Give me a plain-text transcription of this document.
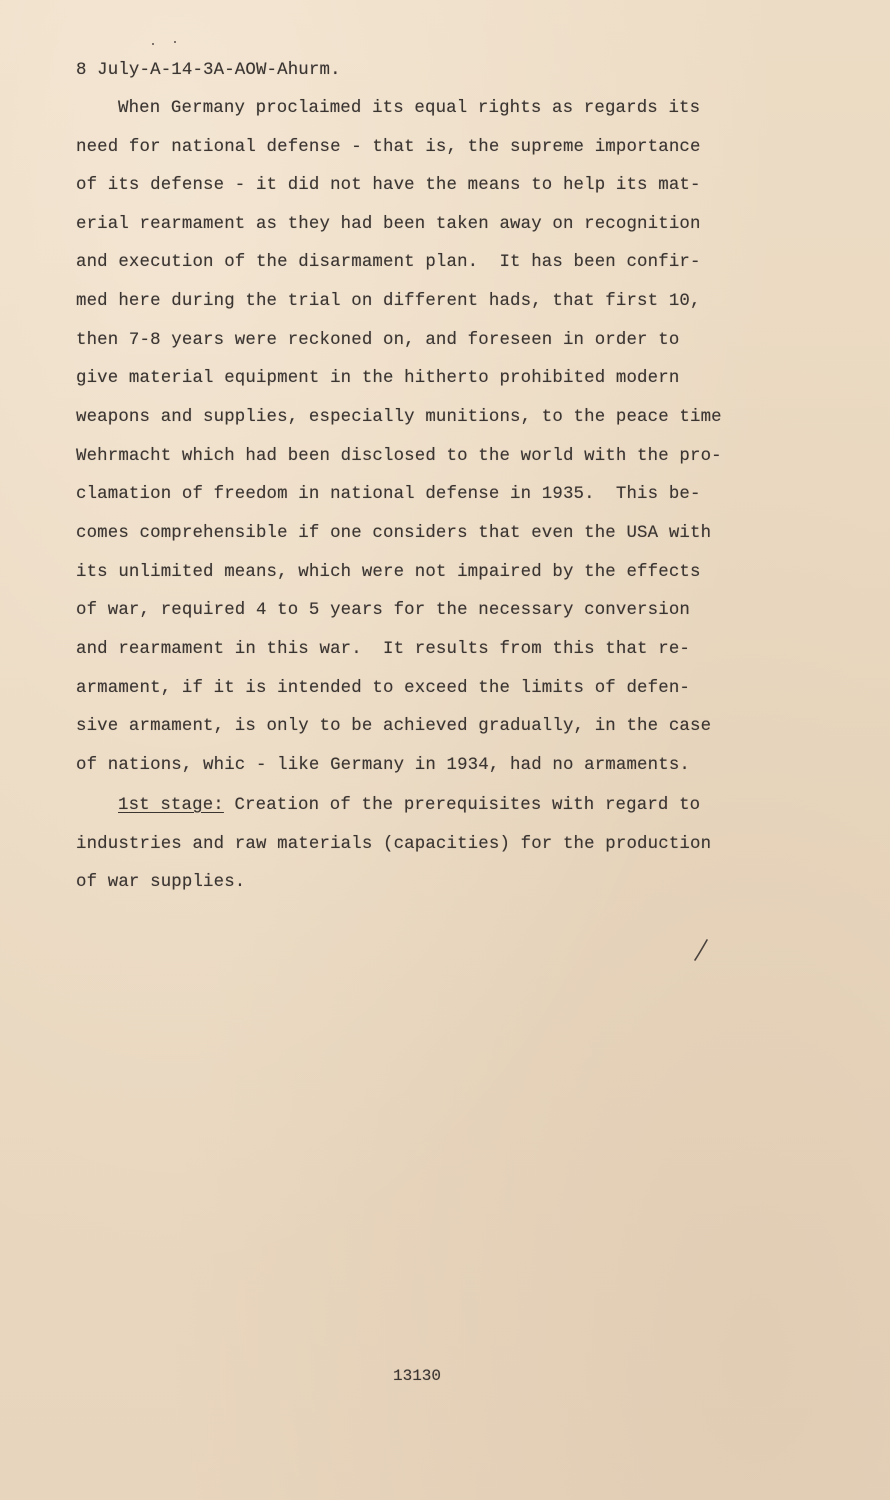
8 July-A-14-3A-AOW-Ahurm.

When Germany proclaimed its equal rights as regards its

need for national defense - that is, the supreme importance

of its defense - it did not have the means to help its mat-

erial rearmament as they had been taken away on recognition

and execution of the disarmament plan.  It has been confir-

med here during the trial on different hads, that first 10,

then 7-8 years were reckoned on, and foreseen in order to

give material equipment in the hitherto prohibited modern

weapons and supplies, especially munitions, to the peace time

Wehrmacht which had been disclosed to the world with the pro-

clamation of freedom in national defense in 1935.  This be-

comes comprehensible if one considers that even the USA with

its unlimited means, which were not impaired by the effects

of war, required 4 to 5 years for the necessary conversion

and rearmament in this war.  It results from this that re-

armament, if it is intended to exceed the limits of defen-

sive armament, is only to be achieved gradually, in the case

of nations, whic - like Germany in 1934, had no armaments.

1st stage: Creation of the prerequisites with regard to

industries and raw materials (capacities) for the production

of war supplies.

13130
